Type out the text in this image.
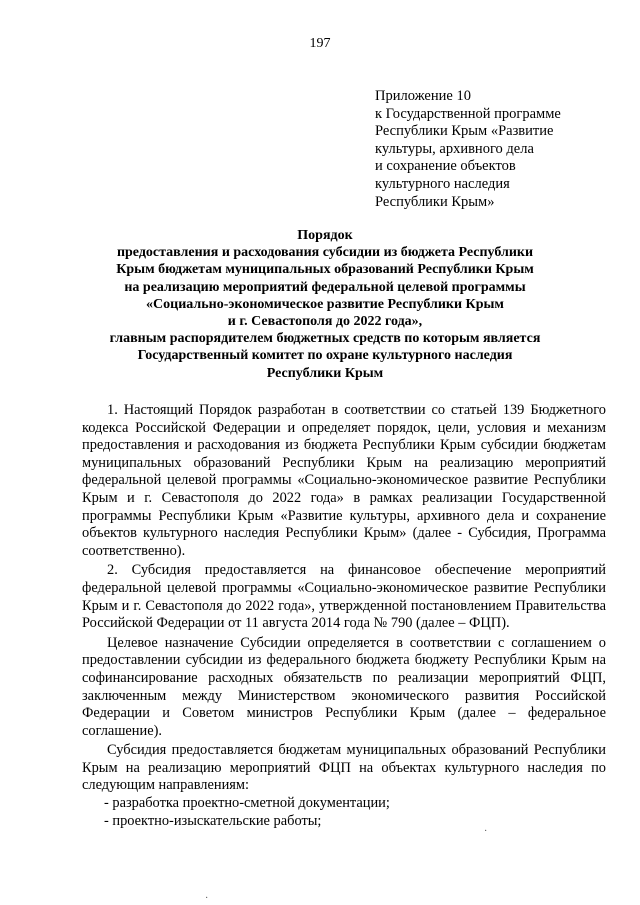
197
Приложение 10
к Государственной программе
Республики Крым «Развитие
культуры, архивного дела
и сохранение объектов
культурного наследия
Республики Крым»
Порядок
предоставления и расходования субсидии из бюджета Республики
Крым бюджетам муниципальных образований Республики Крым
на реализацию мероприятий федеральной целевой программы
«Социально-экономическое развитие Республики Крым
и г. Севастополя до 2022 года»,
главным распорядителем бюджетных средств по которым является
Государственный комитет по охране культурного наследия
Республики Крым

1. Настоящий Порядок разработан в соответствии со статьей 139 Бюджетного кодекса Российской Федерации и определяет порядок, цели, условия и механизм предоставления и расходования из бюджета Республики Крым субсидии бюджетам муниципальных образований Республики Крым на реализацию мероприятий федеральной целевой программы «Социально-экономическое развитие Республики Крым и г. Севастополя до 2022 года» в рамках реализации Государственной программы Республики Крым «Развитие культуры, архивного дела и сохранение объектов культурного наследия Республики Крым» (далее - Субсидия, Программа соответственно).

2. Субсидия предоставляется на финансовое обеспечение мероприятий федеральной целевой программы «Социально-экономическое развитие Республики Крым и г. Севастополя до 2022 года», утвержденной постановлением Правительства Российской Федерации от 11 августа 2014 года № 790 (далее – ФЦП).

Целевое назначение Субсидии определяется в соответствии с соглашением о предоставлении субсидии из федерального бюджета бюджету Республики Крым на софинансирование расходных обязательств по реализации мероприятий ФЦП, заключенным между Министерством экономического развития Российской Федерации и Советом министров Республики Крым (далее – федеральное соглашение).

Субсидия предоставляется бюджетам муниципальных образований Республики Крым на реализацию мероприятий ФЦП на объектах культурного наследия по следующим направлениям:

- разработка проектно-сметной документации;

- проектно-изыскательские работы;

·
·
